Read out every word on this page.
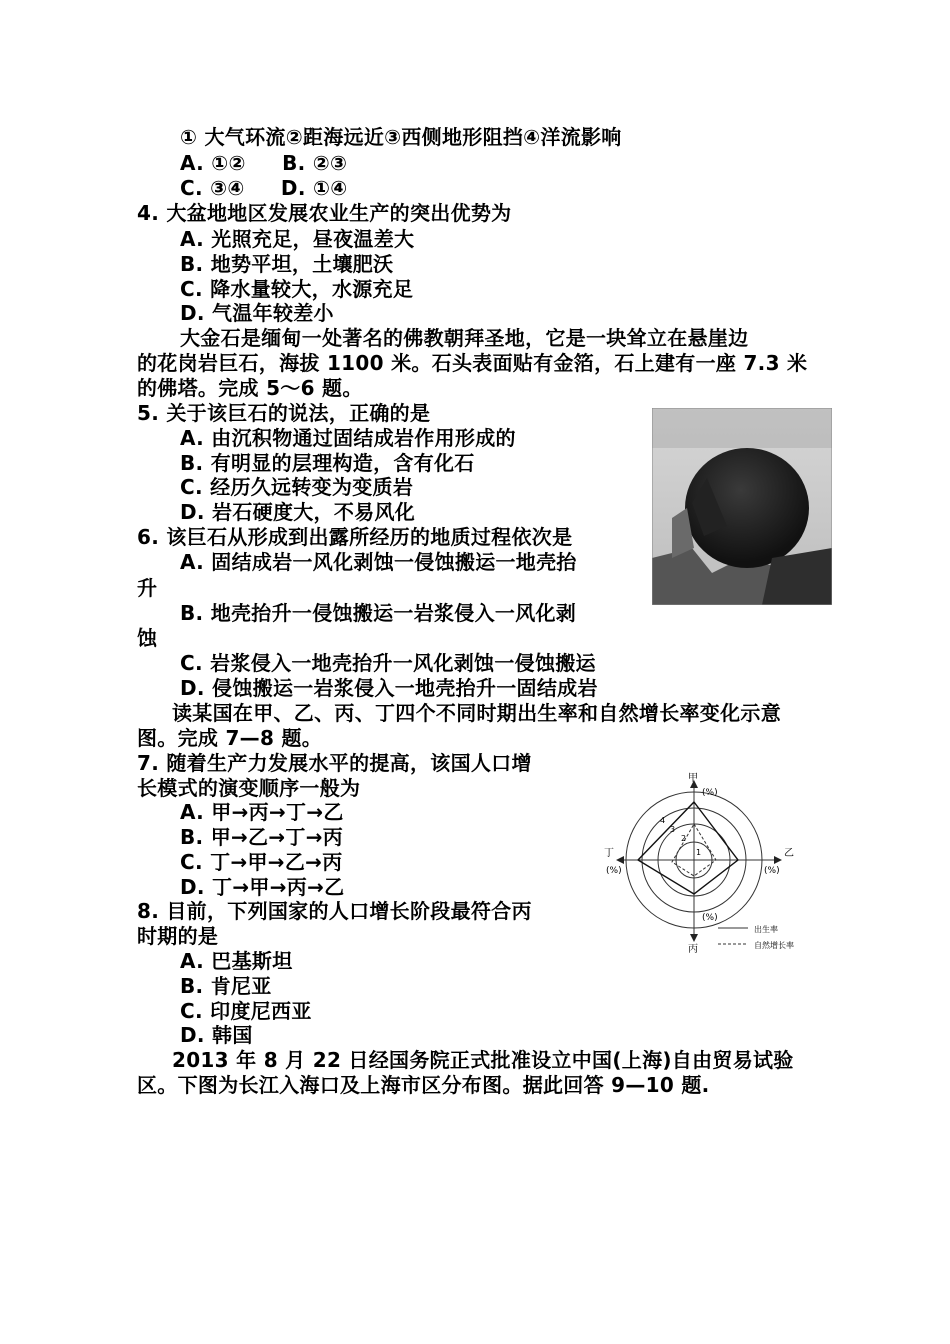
① 大气环流②距海远近③西侧地形阻挡④洋流影响
A. ①②     B. ②③
C. ③④     D. ①④
4. 大盆地地区发展农业生产的突出优势为
A. 光照充足，昼夜温差大
B. 地势平坦，土壤肥沃
C. 降水量较大，水源充足
D. 气温年较差小
大金石是缅甸一处著名的佛教朝拜圣地，它是一块耸立在悬崖边
的花岗岩巨石，海拔 1100 米。石头表面贴有金箔，石上建有一座 7.3 米
的佛塔。完成 5～6 题。
5. 关于该巨石的说法，正确的是
A. 由沉积物通过固结成岩作用形成的
B. 有明显的层理构造，含有化石
C. 经历久远转变为变质岩
D. 岩石硬度大，不易风化
6. 该巨石从形成到出露所经历的地质过程依次是
A. 固结成岩一风化剥蚀一侵蚀搬运一地壳抬
升
B. 地壳抬升一侵蚀搬运一岩浆侵入一风化剥
蚀
C. 岩浆侵入一地壳抬升一风化剥蚀一侵蚀搬运
D. 侵蚀搬运一岩浆侵入一地壳抬升一固结成岩
读某国在甲、乙、丙、丁四个不同时期出生率和自然增长率变化示意
图。完成 7—8 题。
7. 随着生产力发展水平的提高，该国人口增
长模式的演变顺序一般为
A. 甲→丙→丁→乙
B. 甲→乙→丁→丙
C. 丁→甲→乙→丙
D. 丁→甲→丙→乙
8. 目前，下列国家的人口增长阶段最符合丙
时期的是
A. 巴基斯坦
B. 肯尼亚
C. 印度尼西亚
D. 韩国
2013 年 8 月 22 日经国务院正式批准设立中国(上海)自由贸易试验
区。下图为长江入海口及上海市区分布图。据此回答 9—10 题.
甲
(%)
乙
(%)
丁
(%)
丙
(%)
1
2
3
4
出生率
自然增长率
